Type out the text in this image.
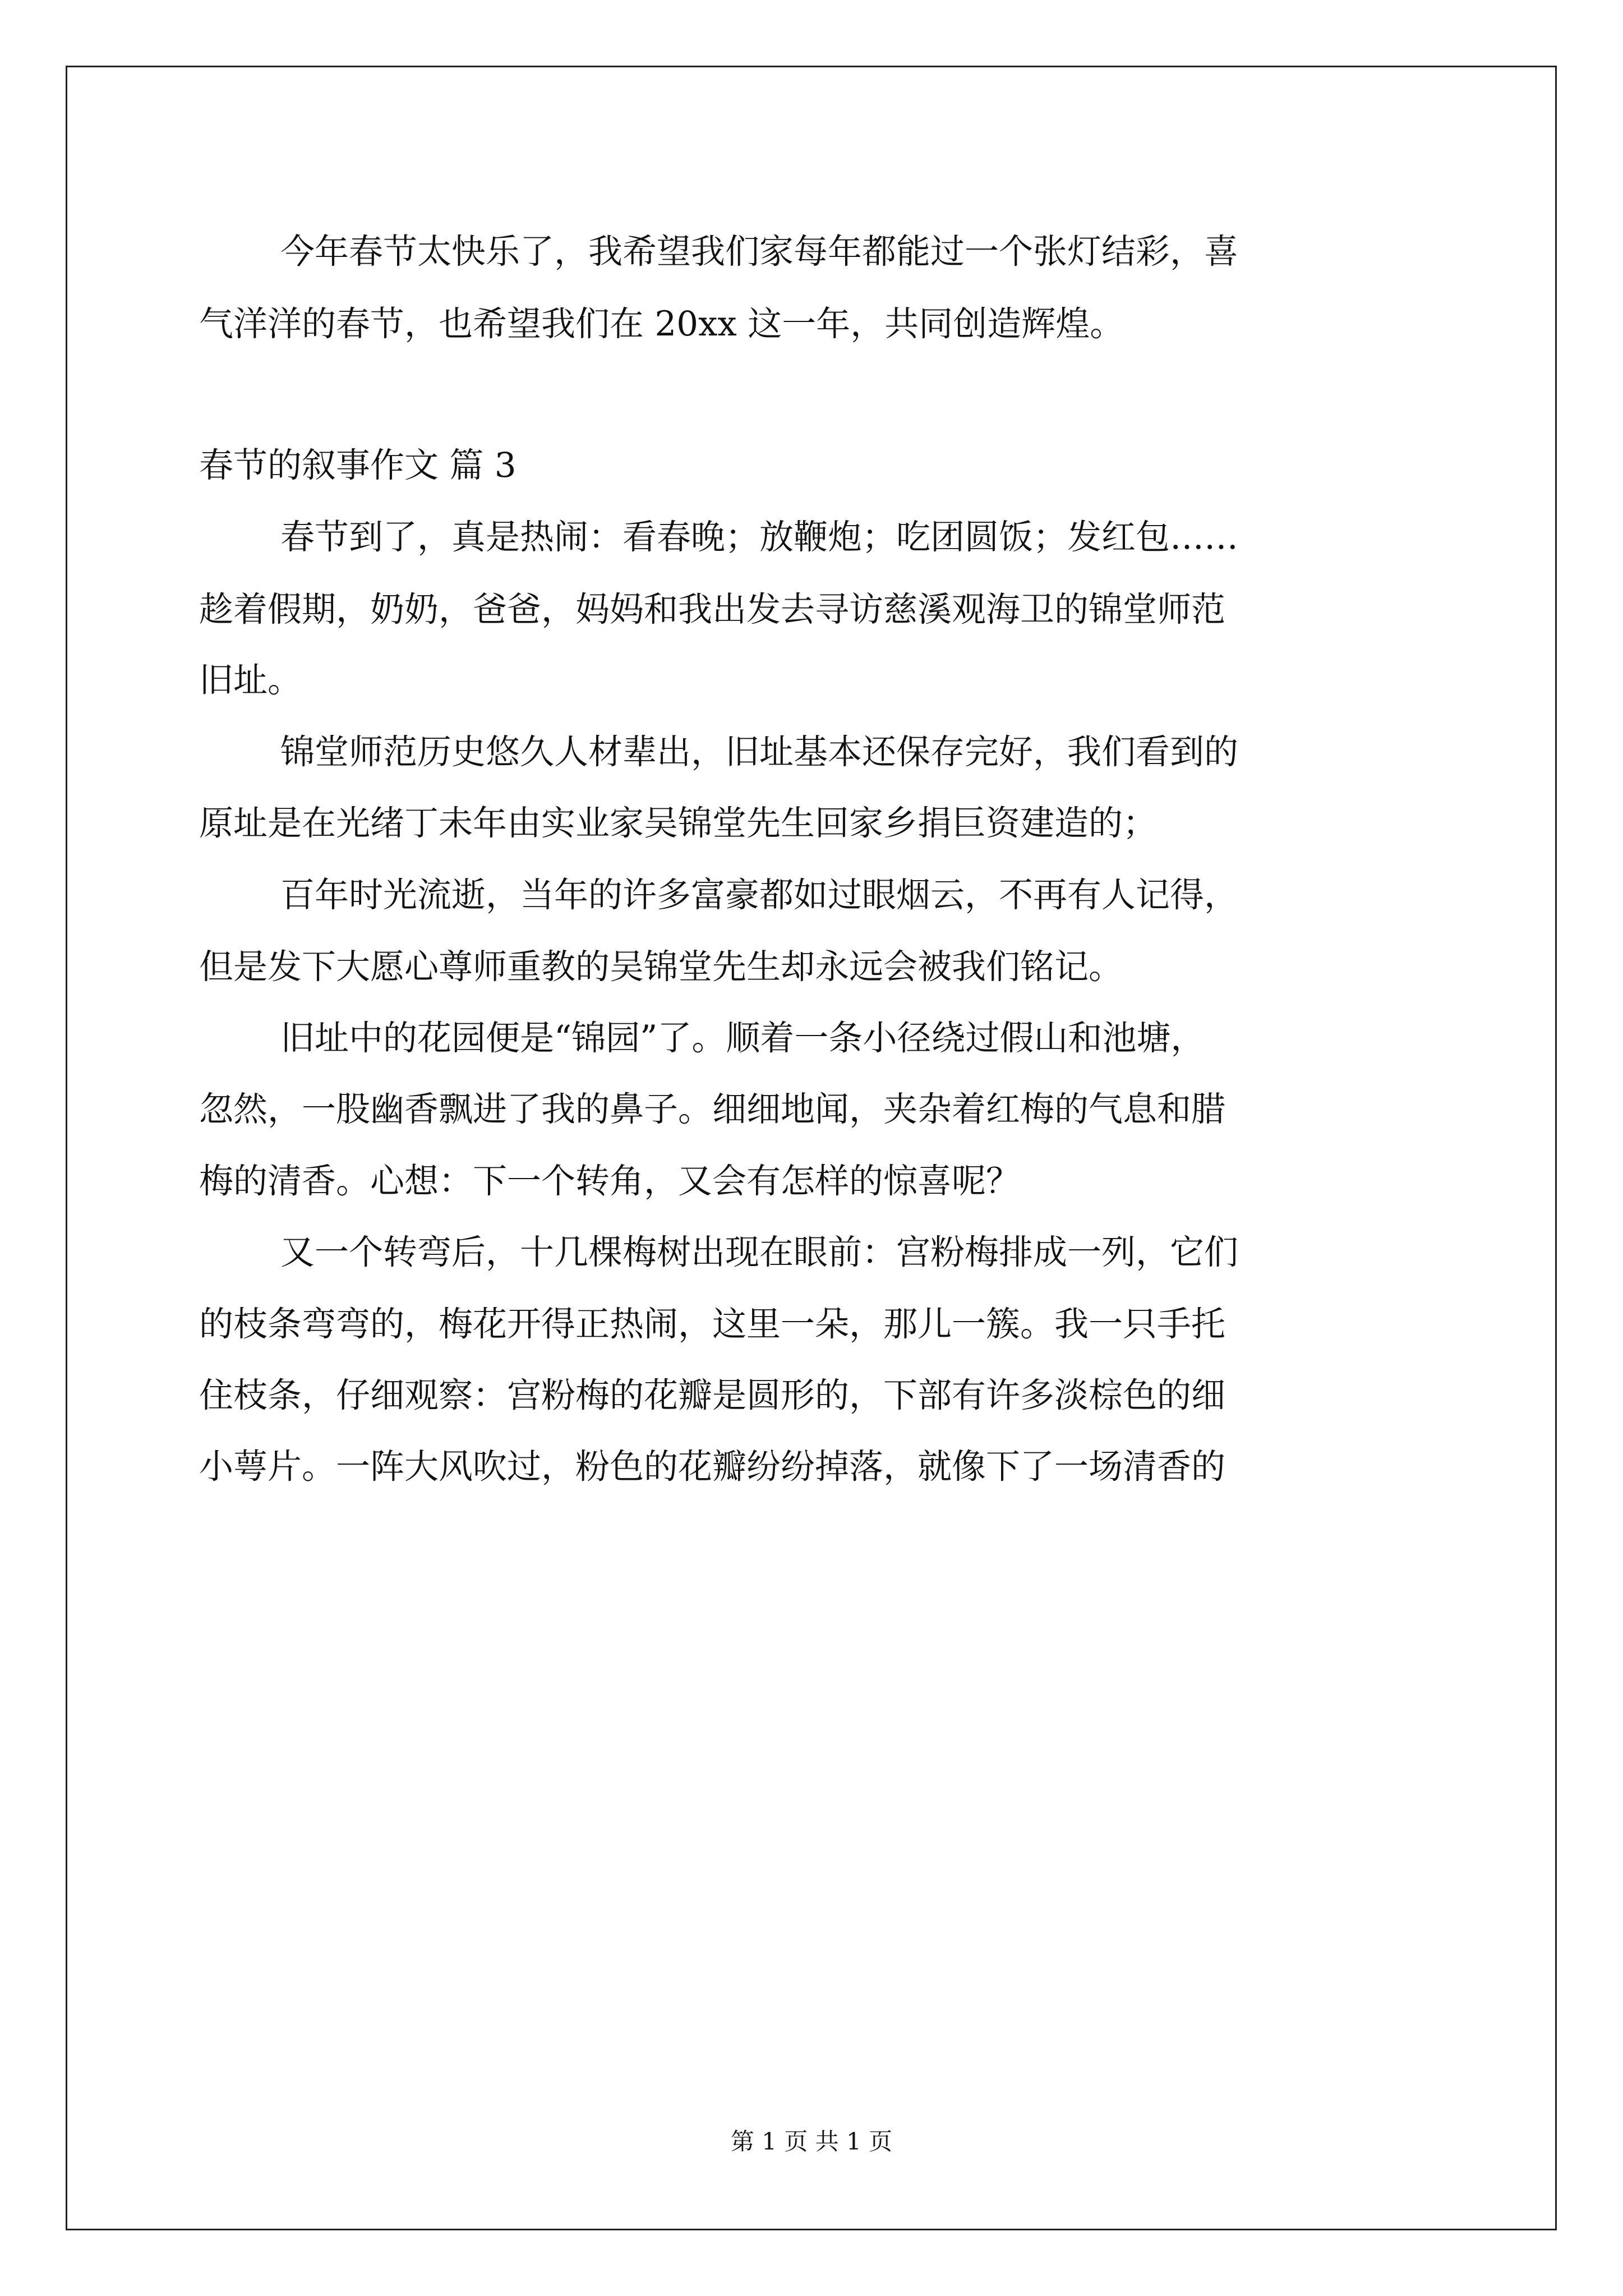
今年春节太快乐了，我希望我们家每年都能过一个张灯结彩，喜
气洋洋的春节，也希望我们在 20xx 这一年，共同创造辉煌。
春节的叙事作文 篇 3
春节到了，真是热闹：看春晚；放鞭炮；吃团圆饭；发红包……
趁着假期，奶奶，爸爸，妈妈和我出发去寻访慈溪观海卫的锦堂师范
旧址。
锦堂师范历史悠久人材辈出，旧址基本还保存完好，我们看到的
原址是在光绪丁未年由实业家吴锦堂先生回家乡捐巨资建造的；
百年时光流逝，当年的许多富豪都如过眼烟云，不再有人记得，
但是发下大愿心尊师重教的吴锦堂先生却永远会被我们铭记。
旧址中的花园便是“锦园”了。顺着一条小径绕过假山和池塘，
忽然，一股幽香飘进了我的鼻子。细细地闻，夹杂着红梅的气息和腊
梅的清香。心想：下一个转角，又会有怎样的惊喜呢？
又一个转弯后，十几棵梅树出现在眼前：宫粉梅排成一列，它们
的枝条弯弯的，梅花开得正热闹，这里一朵，那儿一簇。我一只手托
住枝条，仔细观察：宫粉梅的花瓣是圆形的，下部有许多淡棕色的细
小萼片。一阵大风吹过，粉色的花瓣纷纷掉落，就像下了一场清香的
第 1 页 共 1 页
